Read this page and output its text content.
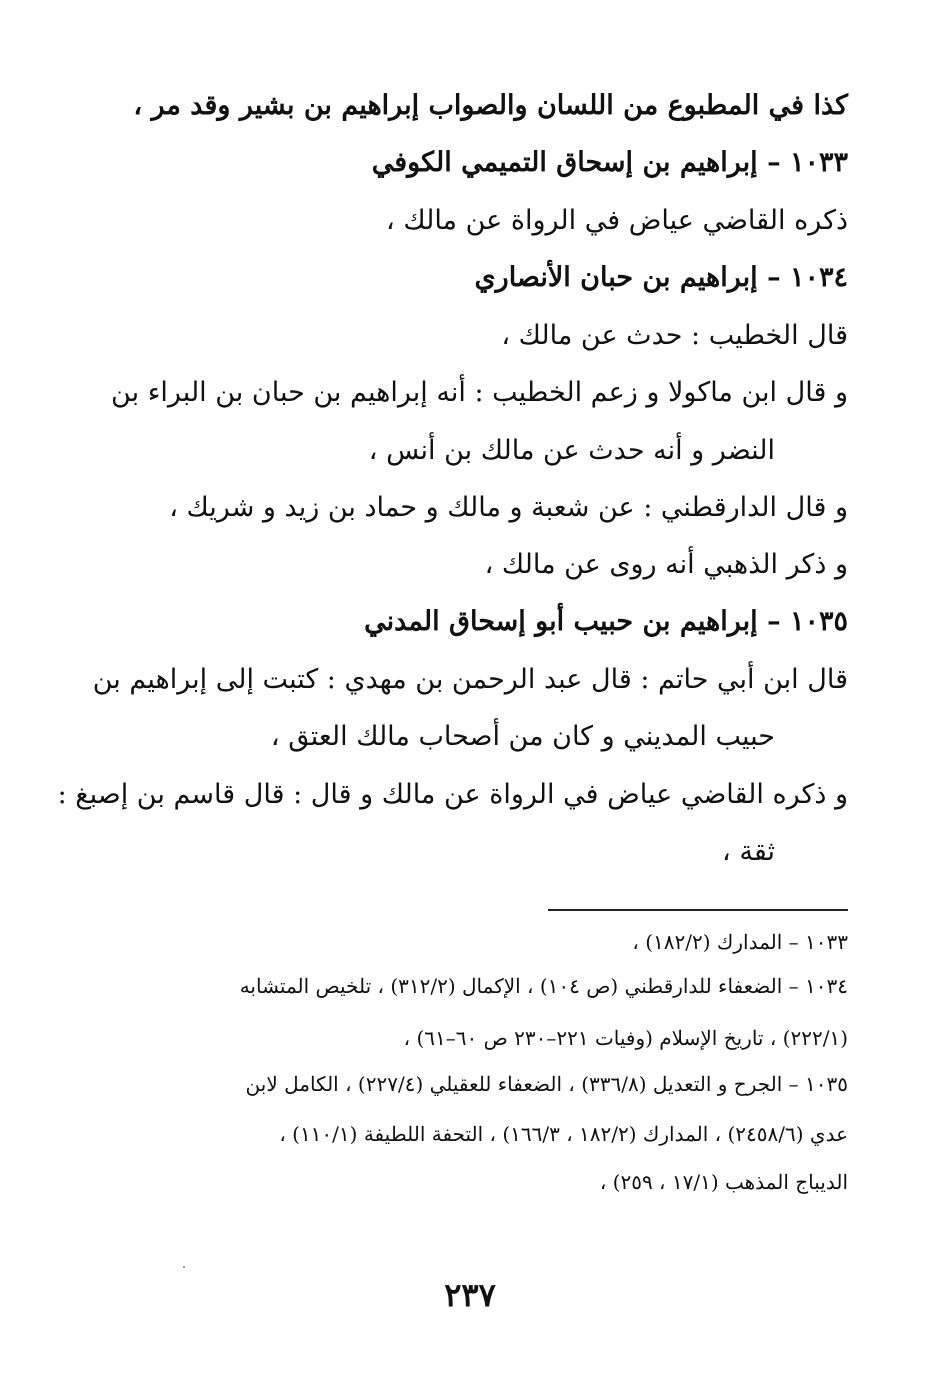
كذا في المطبوع من اللسان والصواب إبراهيم بن بشير وقد مر ،
١٠٣٣ – إبراهيم بن إسحاق التميمي الكوفي
ذكره القاضي عياض في الرواة عن مالك ،
١٠٣٤ – إبراهيم بن حبان الأنصاري
قال الخطيب : حدث عن مالك ،
و قال ابن ماكولا و زعم الخطيب : أنه إبراهيم بن حبان بن البراء بن
النضر و أنه حدث عن مالك بن أنس ،
و قال الدارقطني : عن شعبة و مالك و حماد بن زيد و شريك ،
و ذكر الذهبي أنه روى عن مالك ،
١٠٣٥ – إبراهيم بن حبيب أبو إسحاق المدني
قال ابن أبي حاتم : قال عبد الرحمن بن مهدي : كتبت إلى إبراهيم بن
حبيب المديني و كان من أصحاب مالك العتق ،
و ذكره القاضي عياض في الرواة عن مالك و قال : قال قاسم بن إصبغ :
ثقة ،
١٠٣٣ – المدارك (١٨٢/٢) ،
١٠٣٤ – الضعفاء للدارقطني (ص ١٠٤) ، الإكمال (٣١٢/٢) ، تلخيص المتشابه
(٢٢٢/١) ، تاريخ الإسلام (وفيات ٢٢١–٢٣٠ ص ٦٠–٦١) ،
١٠٣٥ – الجرح و التعديل (٣٣٦/٨) ، الضعفاء للعقيلي (٢٢٧/٤) ، الكامل لابن
عدي (٢٤٥٨/٦) ، المدارك (١٨٢/٢ ، ١٦٦/٣) ، التحفة اللطيفة (١١٠/١) ،
الديباج المذهب (١٧/١ ، ٢٥٩) ،
٢٣٧
